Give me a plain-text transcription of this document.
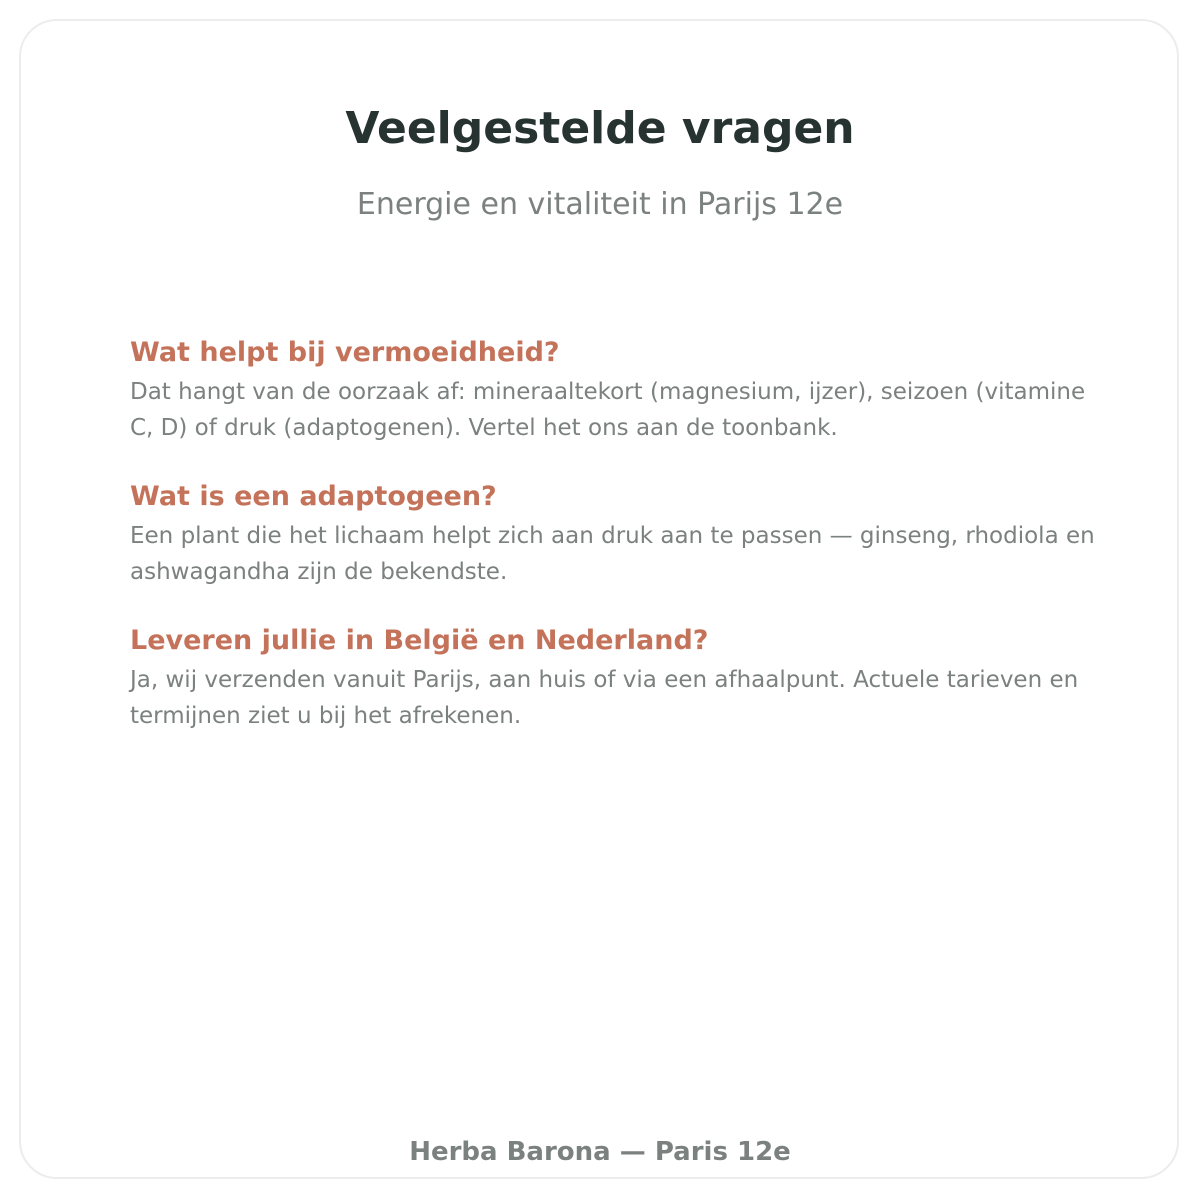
Veelgestelde vragen

Energie en vitaliteit in Parijs 12e

Wat helpt bij vermoeidheid?

Dat hangt van de oorzaak af: mineraaltekort (magnesium, ijzer), seizoen (vitamine C, D) of druk (adaptogenen). Vertel het ons aan de toonbank.

Wat is een adaptogeen?

Een plant die het lichaam helpt zich aan druk aan te passen — ginseng, rhodiola en ashwagandha zijn de bekendste.

Leveren jullie in België en Nederland?

Ja, wij verzenden vanuit Parijs, aan huis of via een afhaalpunt. Actuele tarieven en termijnen ziet u bij het afrekenen.

Herba Barona — Paris 12e
